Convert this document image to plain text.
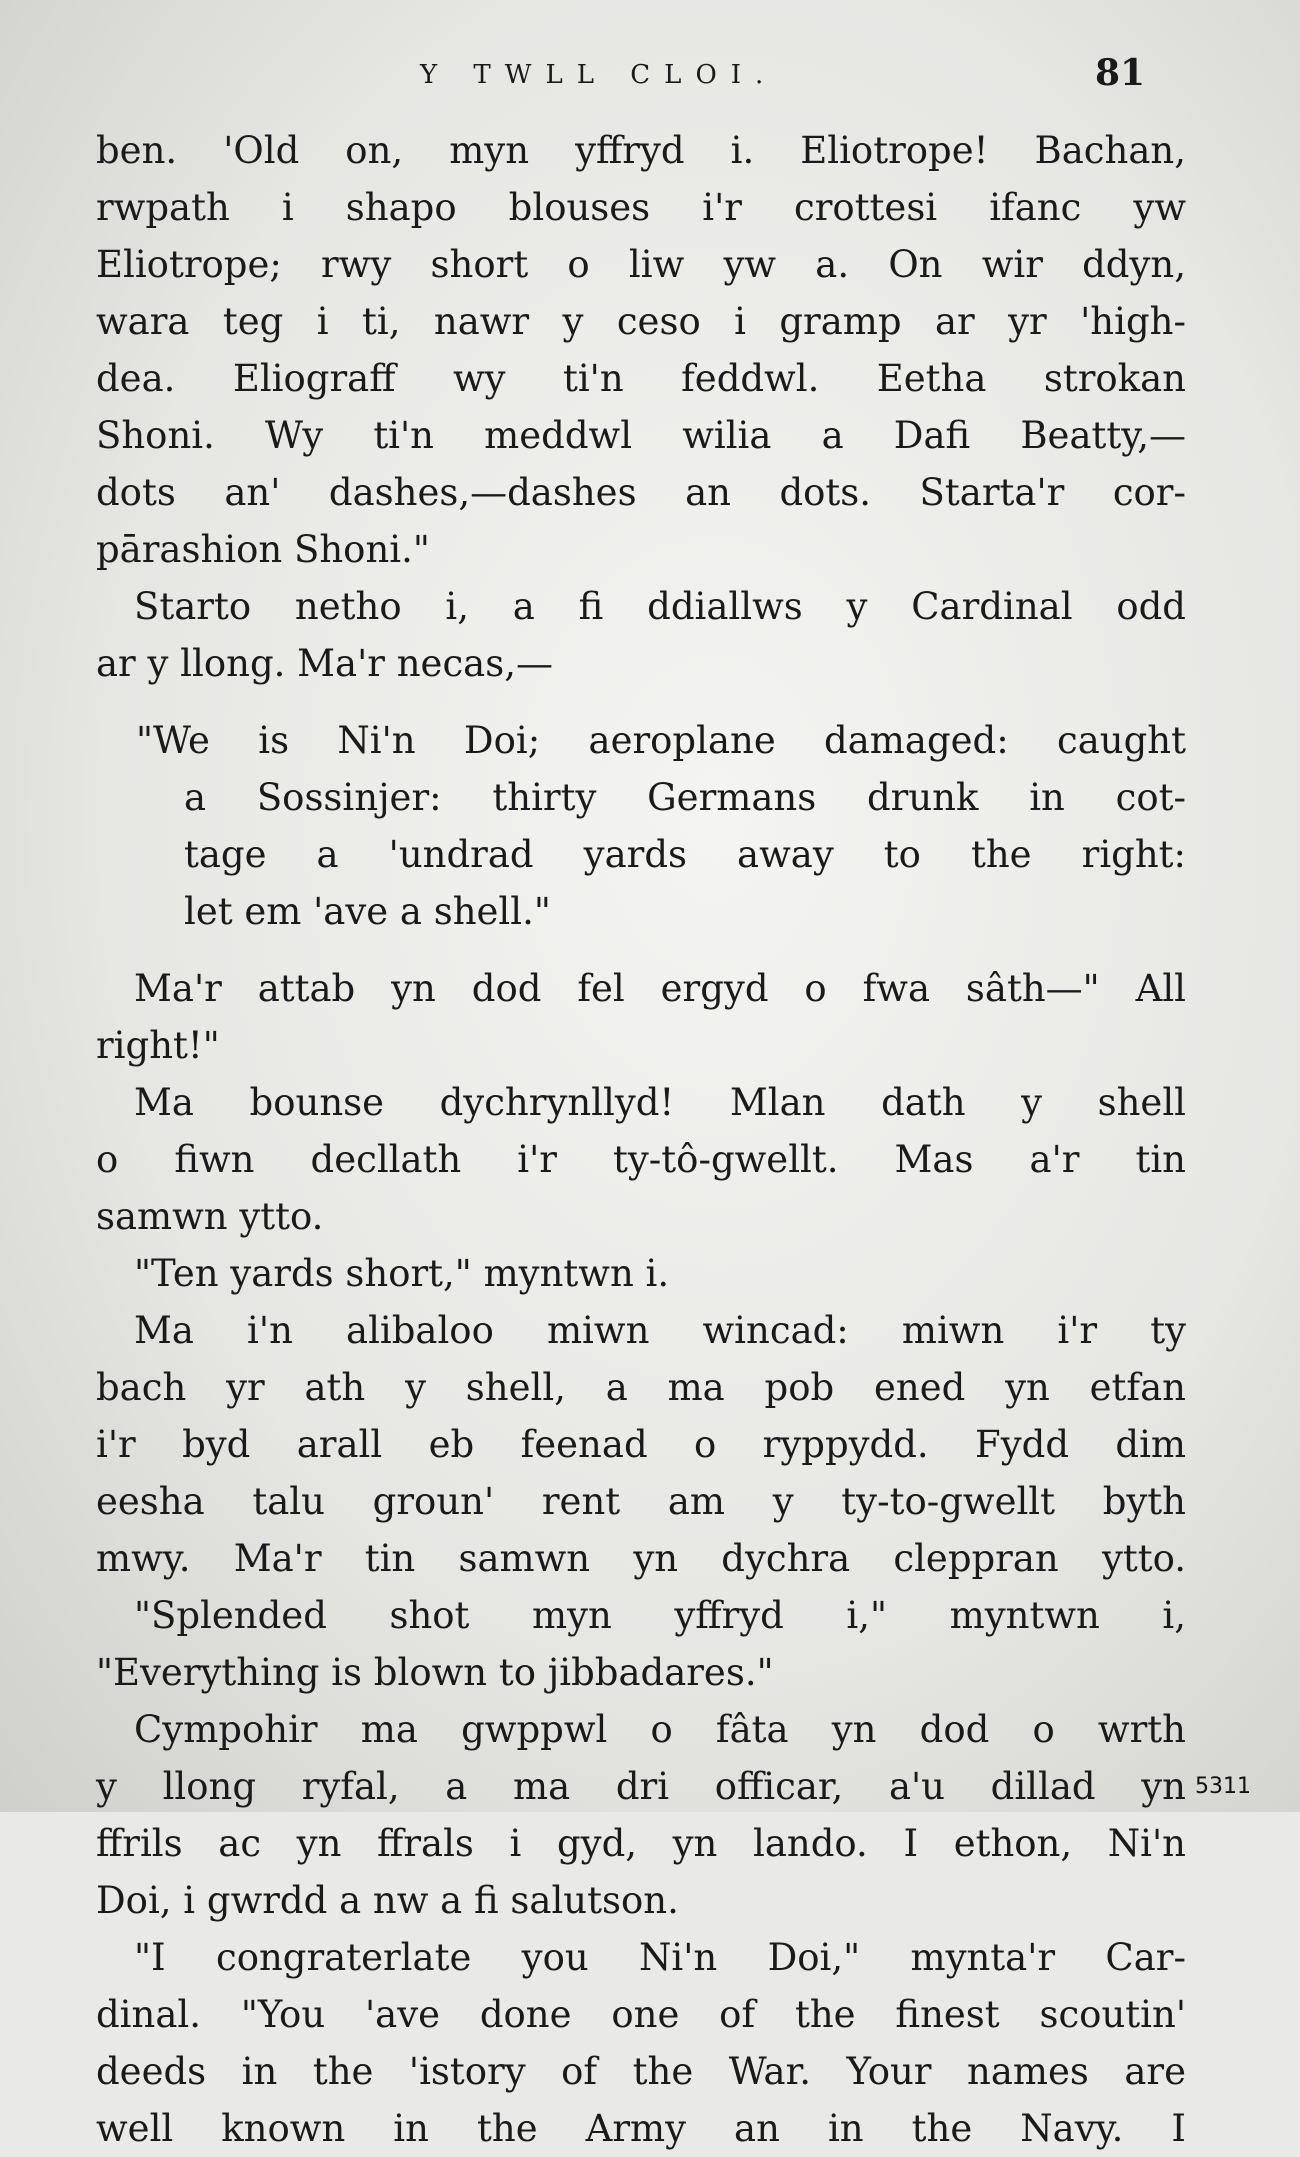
Y TWLL CLOI.	81
ben. 'Old on, myn yffryd i. Eliotrope! Bachan,
rwpath i shapo blouses i'r crottesi ifanc yw
Eliotrope; rwy short o liw yw a. On wir ddyn,
wara teg i ti, nawr y ceso i gramp ar yr 'high-
dea. Eliograff wy ti'n feddwl. Eetha strokan
Shoni. Wy ti'n meddwl wilia a Dafi Beatty,—
dots an' dashes,—dashes an dots. Starta'r cor-
pārashion Shoni."
Starto netho i, a fi ddiallws y Cardinal odd
ar y llong. Ma'r necas,—
"We is Ni'n Doi; aeroplane damaged: caught
a Sossinjer: thirty Germans drunk in cot-
tage a 'undrad yards away to the right:
let em 'ave a shell."
Ma'r attab yn dod fel ergyd o fwa sâth—" All
right!"
Ma bounse dychrynllyd! Mlan dath y shell
o fiwn decllath i'r ty-tô-gwellt. Mas a'r tin
samwn ytto.
"Ten yards short," myntwn i.
Ma i'n alibaloo miwn wincad: miwn i'r ty
bach yr ath y shell, a ma pob ened yn etfan
i'r byd arall eb feenad o ryppydd. Fydd dim
eesha talu groun' rent am y ty-to-gwellt byth
mwy. Ma'r tin samwn yn dychra cleppran ytto.
"Splended shot myn yffryd i," myntwn i,
"Everything is blown to jibbadares."
Cympohir ma gwppwl o fâta yn dod o wrth
y llong ryfal, a ma dri officar, a'u dillad yn
ffrils ac yn ffrals i gyd, yn lando. I ethon, Ni'n
Doi, i gwrdd a nw a fi salutson.
"I congraterlate you Ni'n Doi," mynta'r Car-
dinal. "You 'ave done one of the finest scoutin'
deeds in the 'istory of the War. Your names are
well known in the Army an in the Navy. I
5311
